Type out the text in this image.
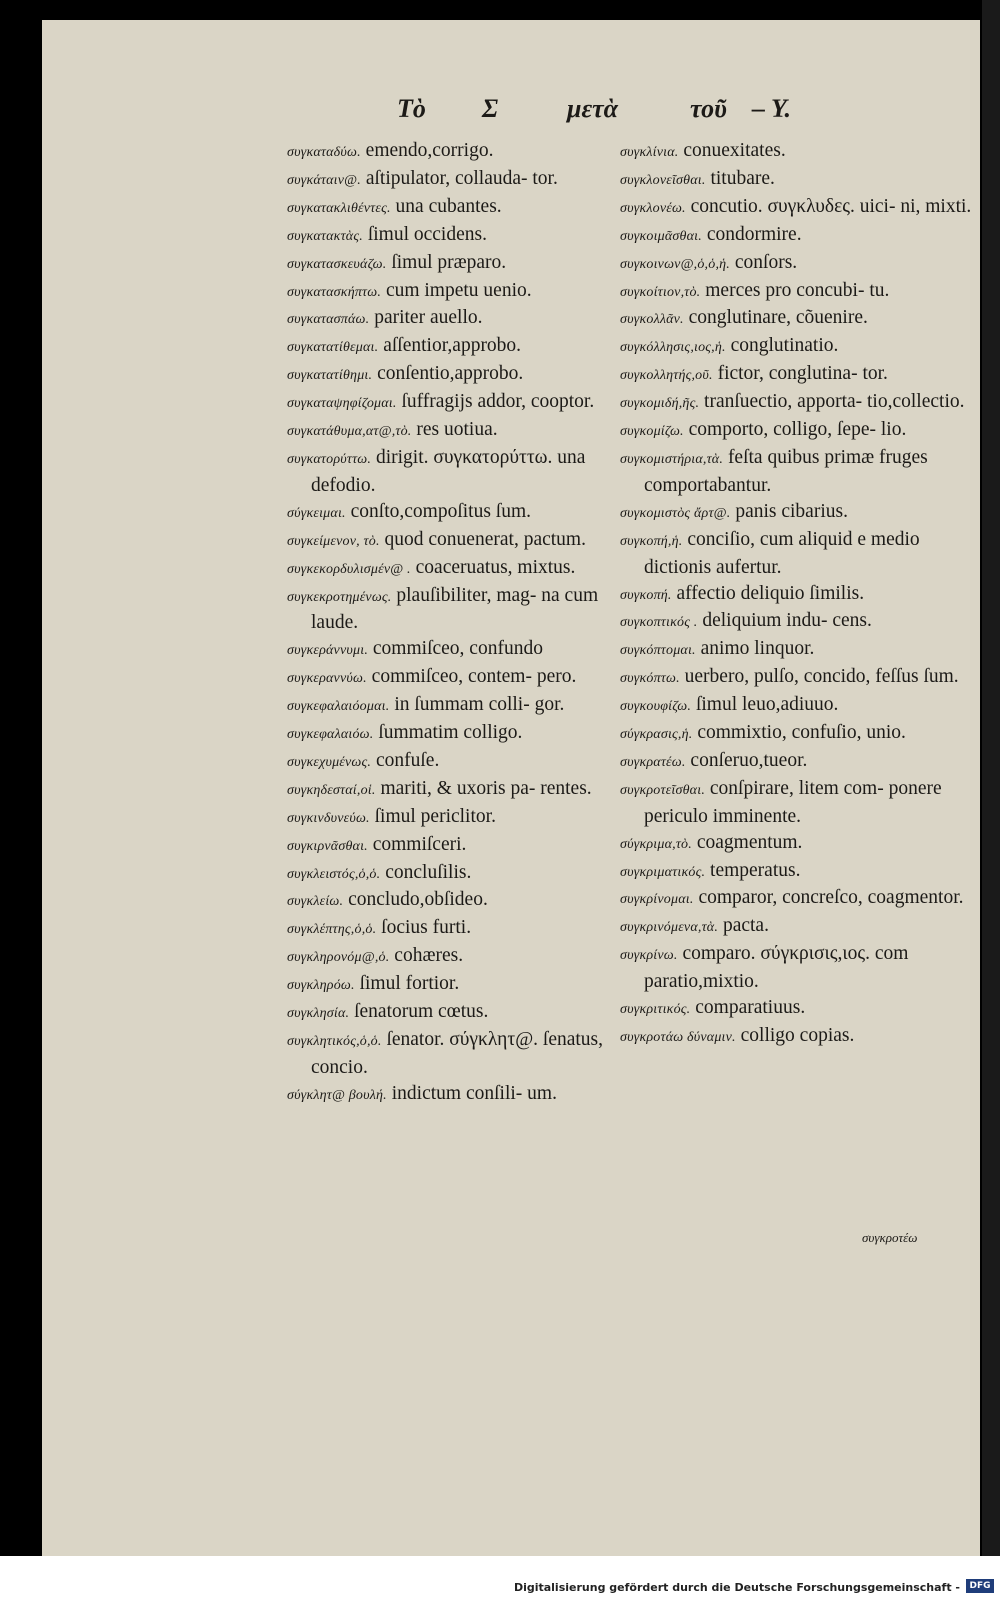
Τὸ Σ	μετὰ	τοῦ – Υ.
συγκαταδύω. emendo,corrigo.
συγκάταιν@. aſtipulator, collauda- tor.
συγκατακλιθέντες. una cubantes.
συγκατακτὰς. ſimul occidens.
συγκατασκευάζω. ſimul præparo.
συγκατασκήπτω. cum impetu uenio.
συγκατασπάω. pariter auello.
συγκατατίθεμαι. aſſentior,approbo.
συγκατατίθημι. conſentio,approbo.
συγκαταψηφίζομαι. ſuffragijs addor, cooptor.
συγκατάθυμα,ατ@,τὸ. res uotiua.
συγκατορύττω. dirigit. συγκατορύττω. una defodio.
σύγκειμαι. conſto,compoſitus ſum.
συγκείμενον, τὸ. quod conuenerat, pactum.
συγκεκορδυλισμέν@ . coaceruatus, mixtus.
συγκεκροτημένως. plauſibiliter, mag- na cum laude.
συγκεράννυμι. commiſceo, confundo
συγκεραννύω. commiſceo, contem- pero.
συγκεφαλαιόομαι. in ſummam colli- gor.
συγκεφαλαιόω. ſummatim colligo.
συγκεχυμένως. confuſe.
συγκηδεσταί,οἱ. mariti, & uxoris pa- rentes.
συγκινδυνεύω. ſimul periclitor.
συγκιρνᾶσθαι. commiſceri.
συγκλειστός,ὁ,ὁ. concluſilis.
συγκλείω. concludo,obſideo.
συγκλέπτης,ὁ,ὁ. ſocius furti.
συγκληρονόμ@,ὁ. cohæres.
συγκληρόω. ſimul fortior.
συγκλησία. ſenatorum cœtus.
συγκλητικός,ὁ,ὁ. ſenator. σύγκλητ@. ſenatus, concio.
σύγκλητ@ βουλή. indictum conſili- um.
συγκλίνια. conuexitates.
συγκλονεῖσθαι. titubare.
συγκλονέω. concutio. συγκλυδες. uici- ni, mixti.
συγκοιμᾶσθαι. condormire.
συγκοινων@,ὁ,ὁ,ἡ. conſors.
συγκοίτιον,τὸ. merces pro concubi- tu.
συγκολλᾶν. conglutinare, cõuenire.
συγκόλλησις,ιος,ἡ. conglutinatio.
συγκολλητής,οῦ. fictor, conglutina- tor.
συγκομιδή,ῆς. tranſuectio, apporta- tio,collectio.
συγκομίζω. comporto, colligo, ſepe- lio.
συγκομιστήρια,τὰ. feſta quibus primæ fruges comportabantur.
συγκομιστὸς ἄρτ@. panis cibarius.
συγκοπή,ἡ. conciſio, cum aliquid e medio dictionis aufertur.
συγκοπή. affectio deliquio ſimilis.
συγκοπτικός . deliquium indu- cens.
συγκόπτομαι. animo linquor.
συγκόπτω. uerbero, pulſo, concido, feſſus ſum.
συγκουφίζω. ſimul leuo,adiuuo.
σύγκρασις,ἡ. commixtio, confuſio, unio.
συγκρατέω. conſeruo,tueor.
συγκροτεῖσθαι. conſpirare, litem com- ponere periculo imminente.
σύγκριμα,τὸ. coagmentum.
συγκριματικός. temperatus.
συγκρίνομαι. comparor, concreſco, coagmentor.
συγκρινόμενα,τὰ. pacta.
συγκρίνω. comparo. σύγκρισις,ιος. com paratio,mixtio.
συγκριτικός. comparatiuus.
συγκροτάω δύναμιν. colligo copias.
συγκροτέω
Digitalisierung gefördert durch die Deutsche Forschungsgemeinschaft -	DFG
